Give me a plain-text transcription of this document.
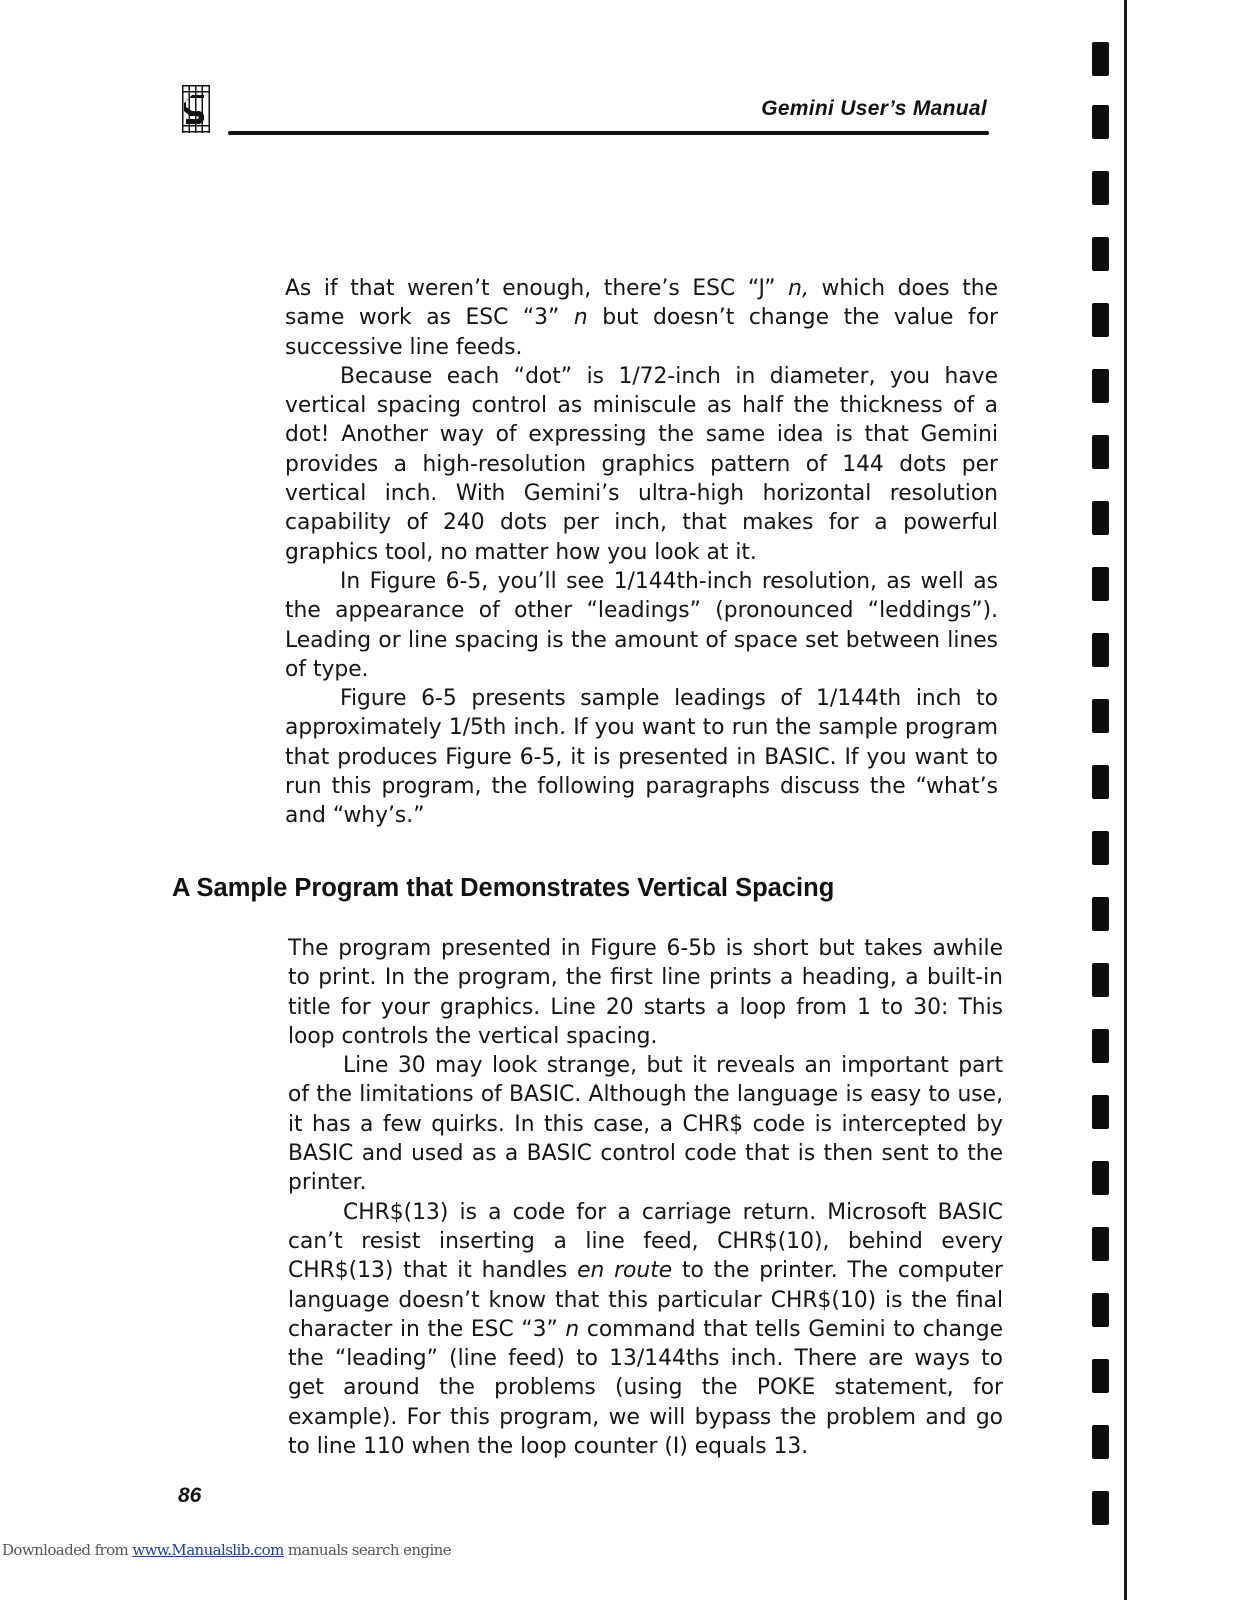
Gemini User’s Manual

As if that weren’t enough, there’s ESC “J” n, which does the same work as ESC “3” n but doesn’t change the value for successive line feeds.

Because each “dot” is 1/72-inch in diameter, you have vertical spacing control as miniscule as half the thickness of a dot! Another way of expressing the same idea is that Gemini provides a high-resolution graphics pattern of 144 dots per vertical inch. With Gemini’s ultra-high horizontal resolution capability of 240 dots per inch, that makes for a powerful graphics tool, no matter how you look at it.

In Figure 6-5, you’ll see 1/144th-inch resolution, as well as the appearance of other “leadings” (pronounced “leddings”). Leading or line spacing is the amount of space set between lines of type.

Figure 6-5 presents sample leadings of 1/144th inch to approximately 1/5th inch. If you want to run the sample program that produces Figure 6-5, it is presented in BASIC. If you want to run this program, the following paragraphs discuss the “what’s and “why’s.”

A Sample Program that Demonstrates Vertical Spacing

The program presented in Figure 6-5b is short but takes awhile to print. In the program, the first line prints a heading, a built-in title for your graphics. Line 20 starts a loop from 1 to 30: This loop controls the vertical spacing.

Line 30 may look strange, but it reveals an important part of the limitations of BASIC. Although the language is easy to use, it has a few quirks. In this case, a CHR$ code is intercepted by BASIC and used as a BASIC control code that is then sent to the printer.

CHR$(13) is a code for a carriage return. Microsoft BASIC can’t resist inserting a line feed, CHR$(10), behind every CHR$(13) that it handles en route to the printer. The computer language doesn’t know that this particular CHR$(10) is the final character in the ESC “3” n command that tells Gemini to change the “leading” (line feed) to 13/144ths inch. There are ways to get around the problems (using the POKE statement, for example). For this program, we will bypass the problem and go to line 110 when the loop counter (I) equals 13.

86
Downloaded from www.Manualslib.com manuals search engine
